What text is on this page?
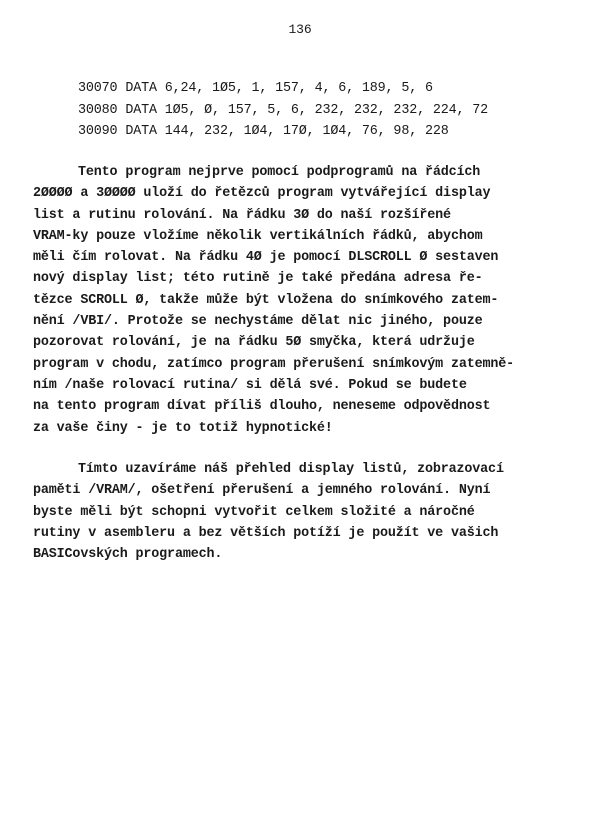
136
30070 DATA 6,24, 1Ø5, 1, 157, 4, 6, 189, 5, 6
30080 DATA 1Ø5, Ø, 157, 5, 6, 232, 232, 232, 224, 72
30090 DATA 144, 232, 1Ø4, 17Ø, 1Ø4, 76, 98, 228
Tento program nejprve pomocí podprogramů na řádcích
2ØØØØ a 3ØØØØ uloží do řetězců program vytvářející display
list a rutinu rolování. Na řádku 3Ø do naší rozšířené
VRAM-ky pouze vložíme několik vertikálních řádků, abychom
měli čím rolovat. Na řádku 4Ø je pomocí DLSCROLL Ø sestaven
nový display list; této rutině je také předána adresa ře-
tězce SCROLL Ø, takže může být vložena do snímkového zatem-
nění /VBI/. Protože se nechystáme dělat nic jiného, pouze
pozorovat rolování, je na řádku 5Ø smyčka, která udržuje
program v chodu, zatímco program přerušení snímkovým zatemně-
ním /naše rolovací rutina/ si dělá své. Pokud se budete
na tento program dívat příliš dlouho, neneseme odpovědnost
za vaše činy - je to totiž hypnotické!
Tímto uzavíráme náš přehled display listů, zobrazovací
paměti /VRAM/, ošetření přerušení a jemného rolování. Nyní
byste měli být schopni vytvořit celkem složité a náročné
rutiny v asembleru a bez větších potíží je použít ve vašich
BASICovských programech.
